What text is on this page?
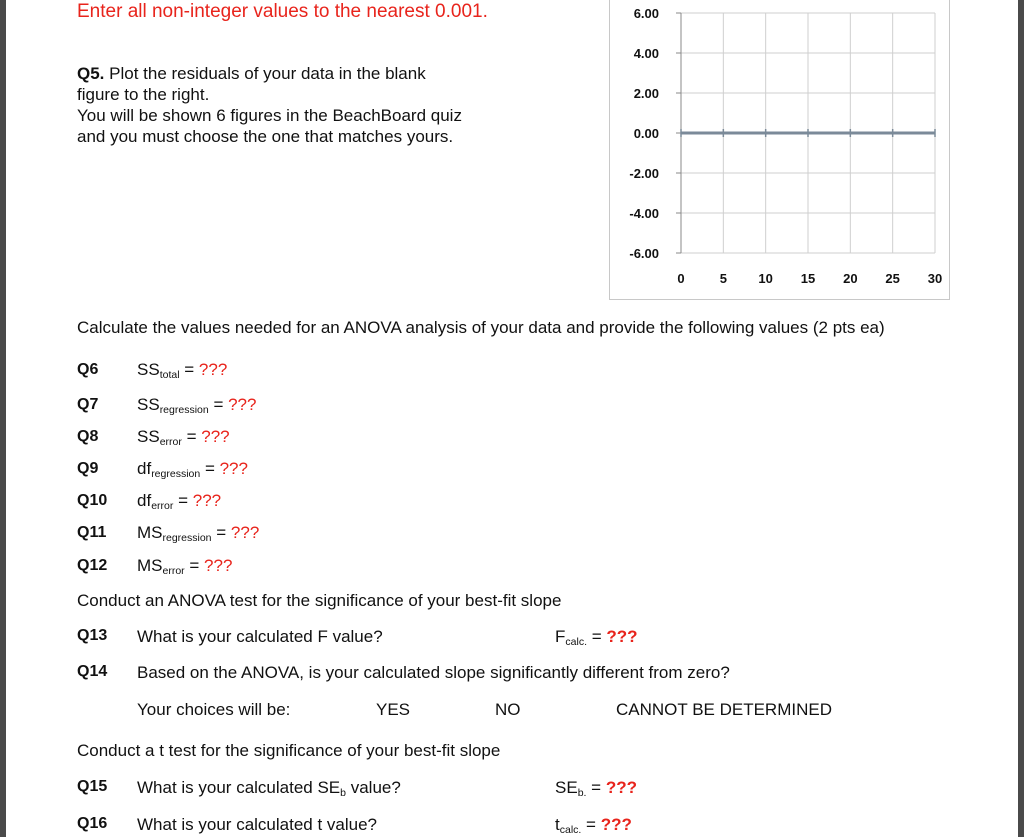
Enter all non-integer values to the nearest 0.001.
Q5. Plot the residuals of your data in the blank
figure to the right.
You will be shown 6 figures in the BeachBoard quiz
and you must choose the one that matches yours.
6.00
4.00
2.00
0.00
-2.00
-4.00
-6.00
0	5 10 15 20 25 30
Calculate the values needed for an ANOVA analysis of your data and provide the following values (2 pts ea)
Q6 SStotal = ???
Q7 SSregression = ???
Q8 SSerror = ???
Q9 dfregression = ???
Q10 dferror = ???
Q11 MSregression = ???
Q12 MSerror = ???
Conduct an ANOVA test for the significance of your best-fit slope
Q13 What is your calculated F value?	Fcalc. = ???
Q14 Based on the ANOVA, is your calculated slope significantly different from zero?
Your choices will be:	YES	NO	CANNOT BE DETERMINED
Conduct a t test for the significance of your best-fit slope
Q15 What is your calculated SEb value?	SEb. = ???
Q16 What is your calculated t value?	tcalc. = ???
